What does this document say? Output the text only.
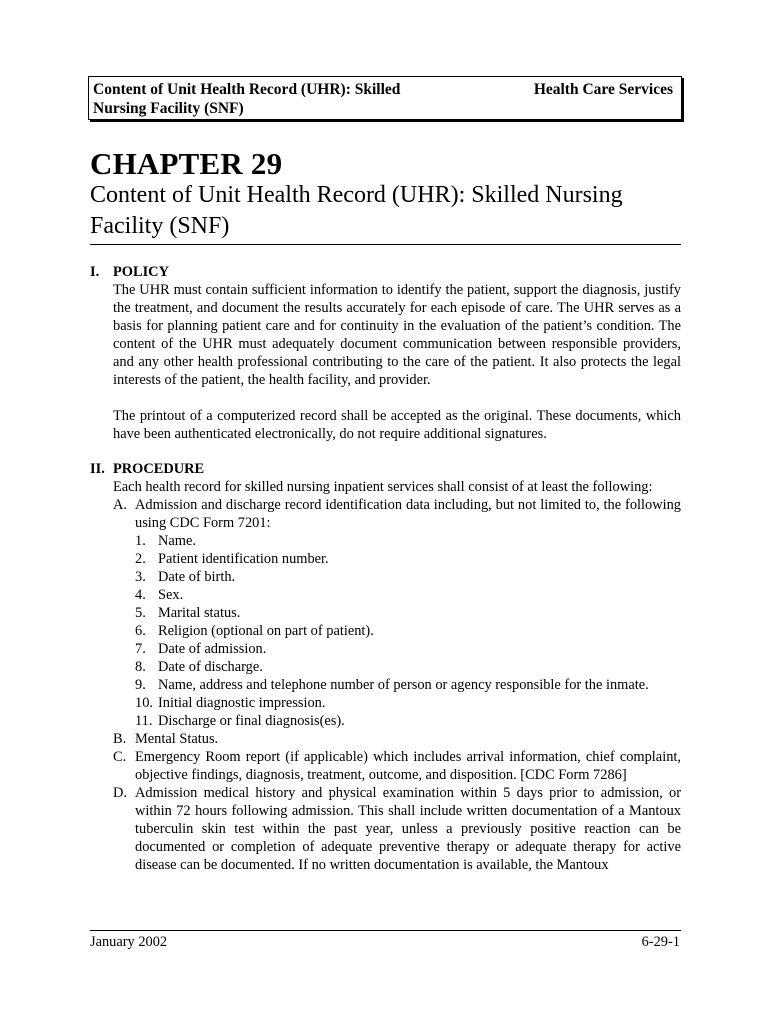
Content of Unit Health Record (UHR): Skilled
Nursing Facility (SNF)
Health Care Services
CHAPTER 29
Content of Unit Health Record (UHR): Skilled Nursing Facility (SNF)
I. POLICY

The UHR must contain sufficient information to identify the patient, support the diagnosis, justify the treatment, and document the results accurately for each episode of care. The UHR serves as a basis for planning patient care and for continuity in the evaluation of the patient’s condition. The content of the UHR must adequately document communication between responsible providers, and any other health professional contributing to the care of the patient. It also protects the legal interests of the patient, the health facility, and provider.

The printout of a computerized record shall be accepted as the original. These documents, which have been authenticated electronically, do not require additional signatures.

II. PROCEDURE

Each health record for skilled nursing inpatient services shall consist of at least the following:

A. Admission and discharge record identification data including, but not limited to, the following using CDC Form 7201:
1. Name.
2. Patient identification number.
3. Date of birth.
4. Sex.
5. Marital status.
6. Religion (optional on part of patient).
7. Date of admission.
8. Date of discharge.
9. Name, address and telephone number of person or agency responsible for the inmate.
10. Initial diagnostic impression.
11. Discharge or final diagnosis(es).
B. Mental Status.
C. Emergency Room report (if applicable) which includes arrival information, chief complaint, objective findings, diagnosis, treatment, outcome, and disposition. [CDC Form 7286]
D. Admission medical history and physical examination within 5 days prior to admission, or within 72 hours following admission. This shall include written documentation of a Mantoux tuberculin skin test within the past year, unless a previously positive reaction can be documented or completion of adequate preventive therapy or adequate therapy for active disease can be documented. If no written documentation is available, the Mantoux
January 2002	6-29-1
